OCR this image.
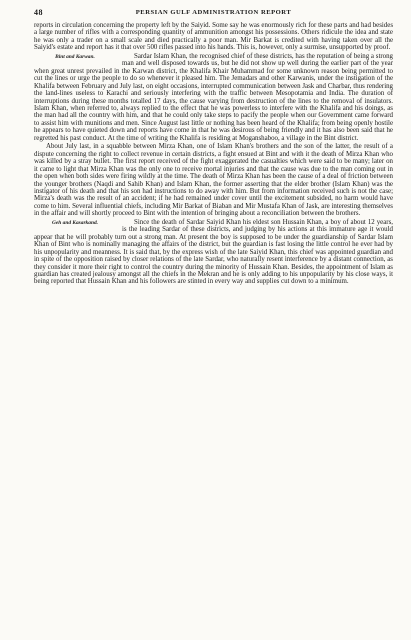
48	PERSIAN GULF ADMINISTRATION REPORT

reports in circulation concerning the property left by the Saiyid. Some say he was enormously rich for these parts and had besides a large number of rifles with a corresponding quantity of ammunition amongst his possessions. Others ridicule the idea and state he was only a trader on a small scale and died practically a poor man. Mir Barkat is credited with having taken over all the Saiyid's estate and report has it that over 500 rifles passed into his hands. This is, however, only a surmise, unsupported by proof.

Bint and Karwan.	Sardar Islam Khan, the recognised chief of these districts, has the reputation of being a strong man and well disposed towards us, but he did not show up well during the earlier part of the year when great unrest prevailed in the Karwan district, the Khalifa Khair Muhammad for some unknown reason being permitted to cut the lines or urge the people to do so whenever it pleased him. The Jemadars and other Karwanis, under the instigation of the Khalifa between February and July last, on eight occasions, interrupted communication between Jask and Charbar, thus rendering the land-lines useless to Karachi and seriously interfering with the traffic between Mesopotamia and India. The duration of interruptions during these months totalled 17 days, the cause varying from destruction of the lines to the removal of insulators. Islam Khan, when referred to, always replied to the effect that he was powerless to interfere with the Khalifa and his doings, as the man had all the country with him, and that he could only take steps to pacify the people when our Government came forward to assist him with munitions and men. Since August last little or nothing has been heard of the Khalifa; from being openly hostile he appears to have quieted down and reports have come in that he was desirous of being friendly and it has also been said that he regretted his past conduct. At the time of writing the Khalifa is residing at Moganshaboo, a village in the Bint district.

About July last, in a squabble between Mirza Khan, one of Islam Khan's brothers and the son of the latter, the result of a dispute concerning the right to collect revenue in certain districts, a fight ensued at Bint and with it the death of Mirza Khan who was killed by a stray bullet. The first report received of the fight exaggerated the casualties which were said to be many; later on it came to light that Mirza Khan was the only one to receive mortal injuries and that the cause was due to the man coming out in the open when both sides were firing wildly at the time. The death of Mirza Khan has been the cause of a deal of friction between the younger brothers (Naqdi and Sahib Khan) and Islam Khan, the former asserting that the elder brother (Islam Khan) was the instigator of his death and that his son had instructions to do away with him. But from information received such is not the case; Mirza's death was the result of an accident; if he had remained under cover until the excitement subsided, no harm would have come to him. Several influential chiefs, including Mir Barkat of Biaban and Mir Mustafa Khan of Jask, are interesting themselves in the affair and will shortly proceed to Bint with the intention of bringing about a reconciliation between the brothers.

Geh and Kasarkand.	Since the death of Sardar Saiyid Khan his eldest son Hussain Khan, a boy of about 12 years, is the leading Sardar of these districts, and judging by his actions at this immature age it would appear that he will probably turn out a strong man. At present the boy is supposed to be under the guardianship of Sardar Islam Khan of Bint who is nominally managing the affairs of the district, but the guardian is fast losing the little control he ever had by his unpopularity and meanness. It is said that, by the express wish of the late Saiyid Khan, this chief was appointed guardian and in spite of the opposition raised by closer relations of the late Sardar, who naturally resent interference by a distant connection, as they consider it more their right to control the country during the minority of Hussain Khan. Besides, the appointment of Islam as guardian has created jealousy amongst all the chiefs in the Mekran and he is only adding to his unpopularity by his close ways, it being reported that Hussain Khan and his followers are stinted in every way and supplies cut down to a minimum.
